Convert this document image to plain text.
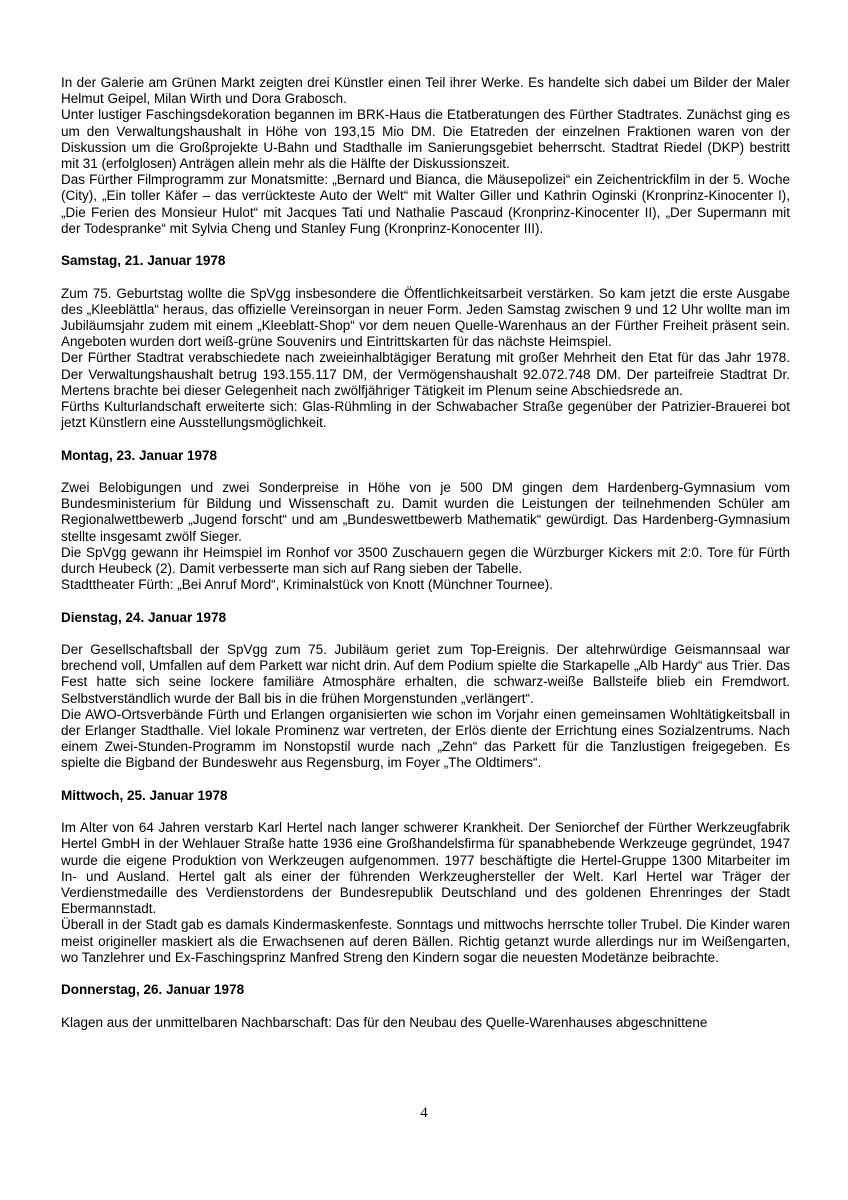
In der Galerie am Grünen Markt zeigten drei Künstler einen Teil ihrer Werke. Es handelte sich dabei um Bilder der Maler Helmut Geipel, Milan Wirth und Dora Grabosch.

Unter lustiger Faschingsdekoration begannen im BRK-Haus die Etatberatungen des Fürther Stadtrates. Zunächst ging es um den Verwaltungshaushalt in Höhe von 193,15 Mio DM. Die Etatreden der einzelnen Fraktionen waren von der Diskussion um die Großprojekte U-Bahn und Stadthalle im Sanierungsgebiet beherrscht. Stadtrat Riedel (DKP) bestritt mit 31 (erfolglosen) Anträgen allein mehr als die Hälfte der Diskussionszeit.

Das Fürther Filmprogramm zur Monatsmitte: „Bernard und Bianca, die Mäusepolizei“ ein Zeichentrickfilm in der 5. Woche (City), „Ein toller Käfer – das verrückteste Auto der Welt“ mit Walter Giller und Kathrin Oginski (Kronprinz-Kinocenter I), „Die Ferien des Monsieur Hulot“ mit Jacques Tati und Nathalie Pascaud (Kronprinz-Kinocenter II), „Der Supermann mit der Todespranke“ mit Sylvia Cheng und Stanley Fung (Kronprinz-Konocenter III).

Samstag, 21. Januar 1978

Zum 75. Geburtstag wollte die SpVgg insbesondere die Öffentlichkeitsarbeit verstärken. So kam jetzt die erste Ausgabe des „Kleeblättla“ heraus, das offizielle Vereinsorgan in neuer Form. Jeden Samstag zwischen 9 und 12 Uhr wollte man im Jubiläumsjahr zudem mit einem „Kleeblatt-Shop“ vor dem neuen Quelle-Warenhaus an der Fürther Freiheit präsent sein. Angeboten wurden dort weiß-grüne Souvenirs und Eintrittskarten für das nächste Heimspiel.

Der Fürther Stadtrat verabschiedete nach zweieinhalbtägiger Beratung mit großer Mehrheit den Etat für das Jahr 1978. Der Verwaltungshaushalt betrug 193.155.117 DM, der Vermögenshaushalt 92.072.748 DM. Der parteifreie Stadtrat Dr. Mertens brachte bei dieser Gelegenheit nach zwölfjähriger Tätigkeit im Plenum seine Abschiedsrede an.

Fürths Kulturlandschaft erweiterte sich: Glas-Rühmling in der Schwabacher Straße gegenüber der Patrizier-Brauerei bot jetzt Künstlern eine Ausstellungsmöglichkeit.

Montag, 23. Januar 1978

Zwei Belobigungen und zwei Sonderpreise in Höhe von je 500 DM gingen dem Hardenberg-Gymnasium vom Bundesministerium für Bildung und Wissenschaft zu. Damit wurden die Leistungen der teilnehmenden Schüler am Regionalwettbewerb „Jugend forscht“ und am „Bundeswettbewerb Mathematik“ gewürdigt. Das Hardenberg-Gymnasium stellte insgesamt zwölf Sieger.

Die SpVgg gewann ihr Heimspiel im Ronhof vor 3500 Zuschauern gegen die Würzburger Kickers mit 2:0. Tore für Fürth durch Heubeck (2). Damit verbesserte man sich auf Rang sieben der Tabelle.

Stadttheater Fürth: „Bei Anruf Mord“, Kriminalstück von Knott (Münchner Tournee).

Dienstag, 24. Januar 1978

Der Gesellschaftsball der SpVgg zum 75. Jubiläum geriet zum Top-Ereignis. Der altehrwürdige Geismannsaal war brechend voll, Umfallen auf dem Parkett war nicht drin. Auf dem Podium spielte die Starkapelle „Alb Hardy“ aus Trier. Das Fest hatte sich seine lockere familiäre Atmosphäre erhalten, die schwarz-weiße Ballsteife blieb ein Fremdwort. Selbstverständlich wurde der Ball bis in die frühen Morgenstunden „verlängert“.

Die AWO-Ortsverbände Fürth und Erlangen organisierten wie schon im Vorjahr einen gemeinsamen Wohltätigkeitsball in der Erlanger Stadthalle. Viel lokale Prominenz war vertreten, der Erlös diente der Errichtung eines Sozialzentrums. Nach einem Zwei-Stunden-Programm im Nonstopstil wurde nach „Zehn“ das Parkett für die Tanzlustigen freigegeben. Es spielte die Bigband der Bundeswehr aus Regensburg, im Foyer „The Oldtimers“.

Mittwoch, 25. Januar 1978

Im Alter von 64 Jahren verstarb Karl Hertel nach langer schwerer Krankheit. Der Seniorchef der Fürther Werkzeugfabrik Hertel GmbH in der Wehlauer Straße hatte 1936 eine Großhandelsfirma für spanabhebende Werkzeuge gegründet, 1947 wurde die eigene Produktion von Werkzeugen aufgenommen. 1977 beschäftigte die Hertel-Gruppe 1300 Mitarbeiter im In- und Ausland. Hertel galt als einer der führenden Werkzeughersteller der Welt. Karl Hertel war Träger der Verdienstmedaille des Verdienstordens der Bundesrepublik Deutschland und des goldenen Ehrenringes der Stadt Ebermannstadt.

Überall in der Stadt gab es damals Kindermaskenfeste. Sonntags und mittwochs herrschte toller Trubel. Die Kinder waren meist origineller maskiert als die Erwachsenen auf deren Bällen. Richtig getanzt wurde allerdings nur im Weißengarten, wo Tanzlehrer und Ex-Faschingsprinz Manfred Streng den Kindern sogar die neuesten Modetänze beibrachte.

Donnerstag, 26. Januar 1978

Klagen aus der unmittelbaren Nachbarschaft: Das für den Neubau des Quelle-Warenhauses abgeschnittene

4
